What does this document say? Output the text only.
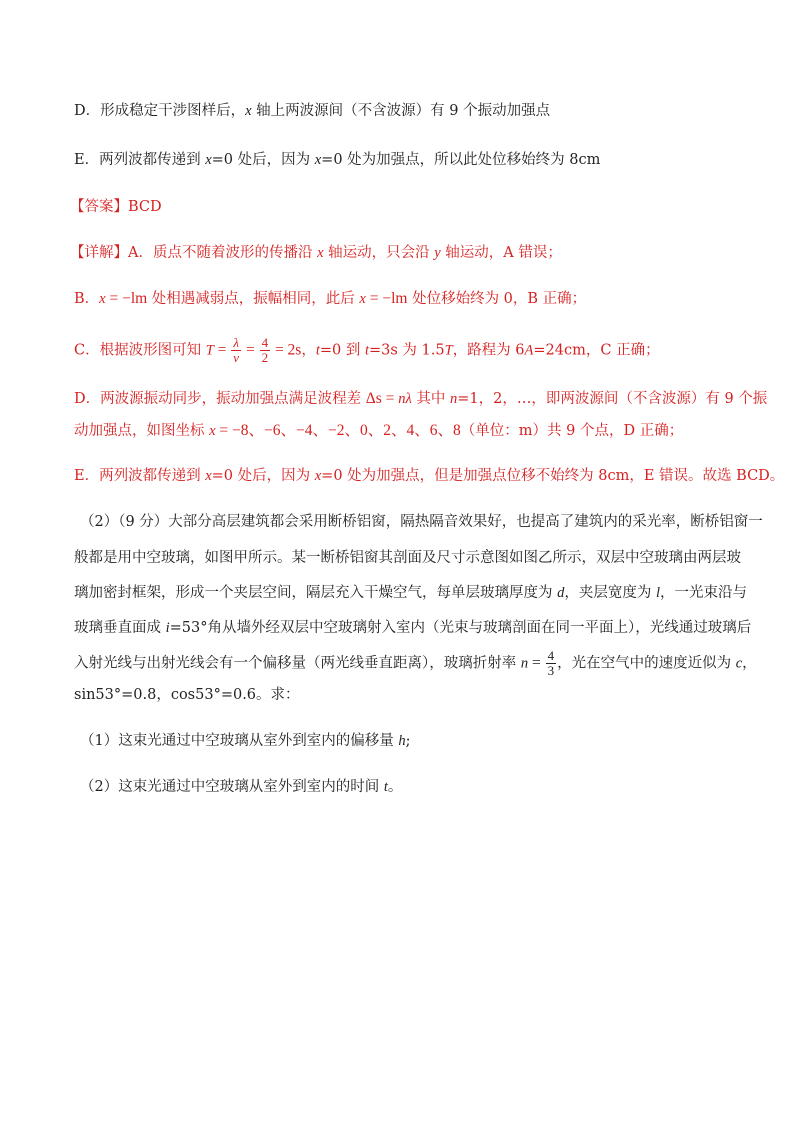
D．形成稳定干涉图样后，x 轴上两波源间（不含波源）有 9 个振动加强点
E．两列波都传递到 x=0 处后，因为 x=0 处为加强点，所以此处位移始终为 8cm
【答案】BCD
【详解】A．质点不随着波形的传播沿 x 轴运动，只会沿 y 轴运动，A 错误；
B．x = −lm 处相遇减弱点，振幅相同，此后 x = −lm 处位移始终为 0，B 正确；
C．根据波形图可知 $T = \frac{\lambda}{v} = \frac{4}{2} = 2s$，t=0 到 t=3s 为 1.5T，路程为 6A=24cm，C 正确；
D．两波源振动同步，振动加强点满足波程差 Δs = nλ 其中 n=1，2，…，即两波源间（不含波源）有 9 个振
动加强点，如图坐标 x = −8、−6、−4、−2、0、2、4、6、8（单位：m）共 9 个点，D 正确；
E．两列波都传递到 x=0 处后，因为 x=0 处为加强点，但是加强点位移不始终为 8cm，E 错误。故选 BCD。
（2）（9 分）大部分高层建筑都会采用断桥铝窗，隔热隔音效果好，也提高了建筑内的采光率，断桥铝窗一
般都是用中空玻璃，如图甲所示。某一断桥铝窗其剖面及尺寸示意图如图乙所示，双层中空玻璃由两层玻
璃加密封框架，形成一个夹层空间，隔层充入干燥空气，每单层玻璃厚度为 d，夹层宽度为 l，一光束沿与
玻璃垂直面成 i=53°角从墙外经双层中空玻璃射入室内（光束与玻璃剖面在同一平面上），光线通过玻璃后
入射光线与出射光线会有一个偏移量（两光线垂直距离），玻璃折射率 $n = \frac{4}{3}$ ，光在空气中的速度近似为 c，
sin53°=0.8，cos53°=0.6。求：
（1）这束光通过中空玻璃从室外到室内的偏移量 h;
（2）这束光通过中空玻璃从室外到室内的时间 t。
